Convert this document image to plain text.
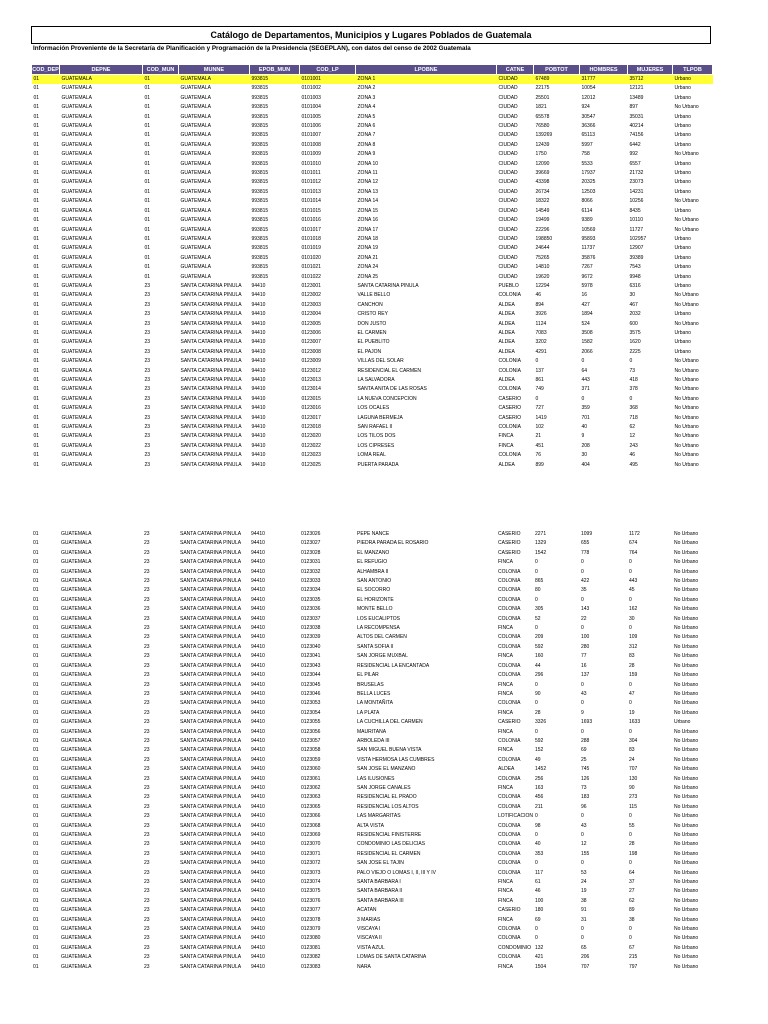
Catálogo de Departamentos, Municipios y Lugares Poblados de Guatemala
Información Proveniente de la Secretaría de Planificación y Programación de la Presidencia (SEGEPLAN), con datos del censo de 2002 Guatemala
COD_DEP	DEPNE	COD_MUN	MUNNE	EPOB_MUN	COD_LP	LPOBNE	CATNE	POBTOT	HOMBRES	MUJERES	TLPOB
01	GUATEMALA	01	GUATEMALA	993815	0101001	ZONA 1	CIUDAD	67489	31777	35712	Urbano
01	GUATEMALA	01	GUATEMALA	993815	0101002	ZONA 2	CIUDAD	22175	10054	12121	Urbano
01	GUATEMALA	01	GUATEMALA	993815	0101003	ZONA 3	CIUDAD	25501	12012	13489	Urbano
01	GUATEMALA	01	GUATEMALA	993815	0101004	ZONA 4	CIUDAD	1821	924	897	No Urbano
01	GUATEMALA	01	GUATEMALA	993815	0101005	ZONA 5	CIUDAD	65578	30547	35031	Urbano
01	GUATEMALA	01	GUATEMALA	993815	0101006	ZONA 6	CIUDAD	76580	36366	40214	Urbano
01	GUATEMALA	01	GUATEMALA	993815	0101007	ZONA 7	CIUDAD	139269	65113	74156	Urbano
01	GUATEMALA	01	GUATEMALA	993815	0101008	ZONA 8	CIUDAD	12439	5997	6442	Urbano
01	GUATEMALA	01	GUATEMALA	993815	0101009	ZONA 9	CIUDAD	1750	758	992	No Urbano
01	GUATEMALA	01	GUATEMALA	993815	0101010	ZONA 10	CIUDAD	12090	5533	6557	Urbano
01	GUATEMALA	01	GUATEMALA	993815	0101011	ZONA 11	CIUDAD	39669	17937	21732	Urbano
01	GUATEMALA	01	GUATEMALA	993815	0101012	ZONA 12	CIUDAD	43398	20325	23073	Urbano
01	GUATEMALA	01	GUATEMALA	993815	0101013	ZONA 13	CIUDAD	26734	12503	14231	Urbano
01	GUATEMALA	01	GUATEMALA	993815	0101014	ZONA 14	CIUDAD	18322	8066	10256	No Urbano
01	GUATEMALA	01	GUATEMALA	993815	0101015	ZONA 15	CIUDAD	14549	6114	8435	Urbano
01	GUATEMALA	01	GUATEMALA	993815	0101016	ZONA 16	CIUDAD	19499	9389	10110	No Urbano
01	GUATEMALA	01	GUATEMALA	993815	0101017	ZONA 17	CIUDAD	22296	10569	11727	No Urbano
01	GUATEMALA	01	GUATEMALA	993815	0101018	ZONA 18	CIUDAD	198850	95893	102957	Urbano
01	GUATEMALA	01	GUATEMALA	993815	0101019	ZONA 19	CIUDAD	24644	11737	12907	Urbano
01	GUATEMALA	01	GUATEMALA	993815	0101020	ZONA 21	CIUDAD	75265	35876	39389	Urbano
01	GUATEMALA	01	GUATEMALA	993815	0101021	ZONA 24	CIUDAD	14810	7267	7543	Urbano
01	GUATEMALA	01	GUATEMALA	993815	0101022	ZONA 25	CIUDAD	19620	9672	9948	Urbano
01	GUATEMALA	23	SANTA CATARINA PINULA	94410	0123001	SANTA CATARINA PINULA	PUEBLO	12294	5978	6316	Urbano
01	GUATEMALA	23	SANTA CATARINA PINULA	94410	0123002	VALLE BELLO	COLONIA	46	16	30	No Urbano
01	GUATEMALA	23	SANTA CATARINA PINULA	94410	0123003	CANCHON	ALDEA	894	427	467	No Urbano
01	GUATEMALA	23	SANTA CATARINA PINULA	94410	0123004	CRISTO REY	ALDEA	3926	1894	2032	Urbano
01	GUATEMALA	23	SANTA CATARINA PINULA	94410	0123005	DON JUSTO	ALDEA	1124	524	600	No Urbano
01	GUATEMALA	23	SANTA CATARINA PINULA	94410	0123006	EL CARMEN	ALDEA	7083	3508	3575	Urbano
01	GUATEMALA	23	SANTA CATARINA PINULA	94410	0123007	EL PUEBLITO	ALDEA	3202	1582	1620	Urbano
01	GUATEMALA	23	SANTA CATARINA PINULA	94410	0123008	EL PAJON	ALDEA	4291	2066	2225	Urbano
01	GUATEMALA	23	SANTA CATARINA PINULA	94410	0123009	VILLAS DEL SOLAR	COLONIA	0	0	0	No Urbano
01	GUATEMALA	23	SANTA CATARINA PINULA	94410	0123012	RESIDENCIAL EL CARMEN	COLONIA	137	64	73	No Urbano
01	GUATEMALA	23	SANTA CATARINA PINULA	94410	0123013	LA SALVADORA	ALDEA	861	443	418	No Urbano
01	GUATEMALA	23	SANTA CATARINA PINULA	94410	0123014	SANTA ANITA DE LAS ROSAS	COLONIA	749	371	378	No Urbano
01	GUATEMALA	23	SANTA CATARINA PINULA	94410	0123015	LA NUEVA CONCEPCION	CASERIO	0	0	0	No Urbano
01	GUATEMALA	23	SANTA CATARINA PINULA	94410	0123016	LOS OCALES	CASERIO	727	359	368	No Urbano
01	GUATEMALA	23	SANTA CATARINA PINULA	94410	0123017	LAGUNA BERMEJA	CASERIO	1419	701	718	No Urbano
01	GUATEMALA	23	SANTA CATARINA PINULA	94410	0123018	SAN RAFAEL II	COLONIA	102	40	62	No Urbano
01	GUATEMALA	23	SANTA CATARINA PINULA	94410	0123020	LOS TILOS DOS	FINCA	21	9	12	No Urbano
01	GUATEMALA	23	SANTA CATARINA PINULA	94410	0123022	LOS CIPRESES	FINCA	451	208	243	No Urbano
01	GUATEMALA	23	SANTA CATARINA PINULA	94410	0123023	LOMA REAL	COLONIA	76	30	46	No Urbano
01	GUATEMALA	23	SANTA CATARINA PINULA	94410	0123025	PUERTA PARADA	ALDEA	899	404	495	No Urbano
01	GUATEMALA	23	SANTA CATARINA PINULA	94410	0123026	PEPE NANCE	CASERIO	2271	1099	1172	No Urbano
01	GUATEMALA	23	SANTA CATARINA PINULA	94410	0123027	PIEDRA PARADA EL ROSARIO	CASERIO	1329	655	674	No Urbano
01	GUATEMALA	23	SANTA CATARINA PINULA	94410	0123028	EL MANZANO	CASERIO	1542	778	764	No Urbano
01	GUATEMALA	23	SANTA CATARINA PINULA	94410	0123031	EL REFUGIO	FINCA	0	0	0	No Urbano
01	GUATEMALA	23	SANTA CATARINA PINULA	94410	0123032	ALHAMBRA II	COLONIA	0	0	0	No Urbano
01	GUATEMALA	23	SANTA CATARINA PINULA	94410	0123033	SAN ANTONIO	COLONIA	865	422	443	No Urbano
01	GUATEMALA	23	SANTA CATARINA PINULA	94410	0123034	EL SOCORRO	COLONIA	80	35	45	No Urbano
01	GUATEMALA	23	SANTA CATARINA PINULA	94410	0123035	EL HORIZONTE	COLONIA	0	0	0	No Urbano
01	GUATEMALA	23	SANTA CATARINA PINULA	94410	0123036	MONTE BELLO	COLONIA	305	143	162	No Urbano
01	GUATEMALA	23	SANTA CATARINA PINULA	94410	0123037	LOS EUCALIPTOS	COLONIA	52	22	30	No Urbano
01	GUATEMALA	23	SANTA CATARINA PINULA	94410	0123038	LA RECOMPENSA	FINCA	0	0	0	No Urbano
01	GUATEMALA	23	SANTA CATARINA PINULA	94410	0123039	ALTOS DEL CARMEN	COLONIA	209	100	109	No Urbano
01	GUATEMALA	23	SANTA CATARINA PINULA	94410	0123040	SANTA SOFIA II	COLONIA	592	280	312	No Urbano
01	GUATEMALA	23	SANTA CATARINA PINULA	94410	0123041	SAN JORGE MUXBAL	FINCA	160	77	83	No Urbano
01	GUATEMALA	23	SANTA CATARINA PINULA	94410	0123043	RESIDENCIAL LA ENCANTADA	COLONIA	44	16	28	No Urbano
01	GUATEMALA	23	SANTA CATARINA PINULA	94410	0123044	EL PILAR	COLONIA	296	137	159	No Urbano
01	GUATEMALA	23	SANTA CATARINA PINULA	94410	0123045	BRUSELAS	FINCA	0	0	0	No Urbano
01	GUATEMALA	23	SANTA CATARINA PINULA	94410	0123046	BELLA LUCES	FINCA	90	43	47	No Urbano
01	GUATEMALA	23	SANTA CATARINA PINULA	94410	0123053	LA MONTAÑITA	COLONIA	0	0	0	No Urbano
01	GUATEMALA	23	SANTA CATARINA PINULA	94410	0123054	LA PLATA	FINCA	28	9	19	No Urbano
01	GUATEMALA	23	SANTA CATARINA PINULA	94410	0123055	LA CUCHILLA DEL CARMEN	CASERIO	3326	1693	1633	Urbano
01	GUATEMALA	23	SANTA CATARINA PINULA	94410	0123056	MAURITANA	FINCA	0	0	0	No Urbano
01	GUATEMALA	23	SANTA CATARINA PINULA	94410	0123057	ARBOLEDA III	COLONIA	592	288	304	No Urbano
01	GUATEMALA	23	SANTA CATARINA PINULA	94410	0123058	SAN MIGUEL BUENA VISTA	FINCA	152	69	83	No Urbano
01	GUATEMALA	23	SANTA CATARINA PINULA	94410	0123059	VISTA HERMOSA LAS CUMBRES	COLONIA	49	25	24	No Urbano
01	GUATEMALA	23	SANTA CATARINA PINULA	94410	0123060	SAN JOSE EL MANZANO	ALDEA	1452	745	707	No Urbano
01	GUATEMALA	23	SANTA CATARINA PINULA	94410	0123061	LAS ILUSIONES	COLONIA	256	126	130	No Urbano
01	GUATEMALA	23	SANTA CATARINA PINULA	94410	0123062	SAN JORGE CANALES	FINCA	163	73	90	No Urbano
01	GUATEMALA	23	SANTA CATARINA PINULA	94410	0123063	RESIDENCIAL EL PRADO	COLONIA	456	183	273	No Urbano
01	GUATEMALA	23	SANTA CATARINA PINULA	94410	0123065	RESIDENCIAL LOS ALTOS	COLONIA	211	96	115	No Urbano
01	GUATEMALA	23	SANTA CATARINA PINULA	94410	0123066	LAS MARGARITAS	LOTIFICACION	0	0	0	No Urbano
01	GUATEMALA	23	SANTA CATARINA PINULA	94410	0123068	ALTA VISTA	COLONIA	98	43	55	No Urbano
01	GUATEMALA	23	SANTA CATARINA PINULA	94410	0123069	RESIDENCIAL FINISTERRE	COLONIA	0	0	0	No Urbano
01	GUATEMALA	23	SANTA CATARINA PINULA	94410	0123070	CONDOMINIO LAS DELICIAS	COLONIA	40	12	28	No Urbano
01	GUATEMALA	23	SANTA CATARINA PINULA	94410	0123071	RESIDENCIAL EL CARMEN	COLONIA	353	155	198	No Urbano
01	GUATEMALA	23	SANTA CATARINA PINULA	94410	0123072	SAN JOSE EL TAJIN	COLONIA	0	0	0	No Urbano
01	GUATEMALA	23	SANTA CATARINA PINULA	94410	0123073	PALO VIEJO O LOMAS I, II, III Y IV	COLONIA	117	53	64	No Urbano
01	GUATEMALA	23	SANTA CATARINA PINULA	94410	0123074	SANTA BARBARA I	FINCA	61	24	37	No Urbano
01	GUATEMALA	23	SANTA CATARINA PINULA	94410	0123075	SANTA BARBARA II	FINCA	46	19	27	No Urbano
01	GUATEMALA	23	SANTA CATARINA PINULA	94410	0123076	SANTA BARBARA III	FINCA	100	38	62	No Urbano
01	GUATEMALA	23	SANTA CATARINA PINULA	94410	0123077	ACATAN	CASERIO	180	91	89	No Urbano
01	GUATEMALA	23	SANTA CATARINA PINULA	94410	0123078	3 MARIAS	FINCA	69	31	38	No Urbano
01	GUATEMALA	23	SANTA CATARINA PINULA	94410	0123079	VISCAYA I	COLONIA	0	0	0	No Urbano
01	GUATEMALA	23	SANTA CATARINA PINULA	94410	0123080	VISCAYA II	COLONIA	0	0	0	No Urbano
01	GUATEMALA	23	SANTA CATARINA PINULA	94410	0123081	VISTA AZUL	CONDOMINIO	132	65	67	No Urbano
01	GUATEMALA	23	SANTA CATARINA PINULA	94410	0123082	LOMAS DE SANTA CATARINA	COLONIA	421	206	215	No Urbano
01	GUATEMALA	23	SANTA CATARINA PINULA	94410	0123083	NARA	FINCA	1504	707	797	No Urbano
